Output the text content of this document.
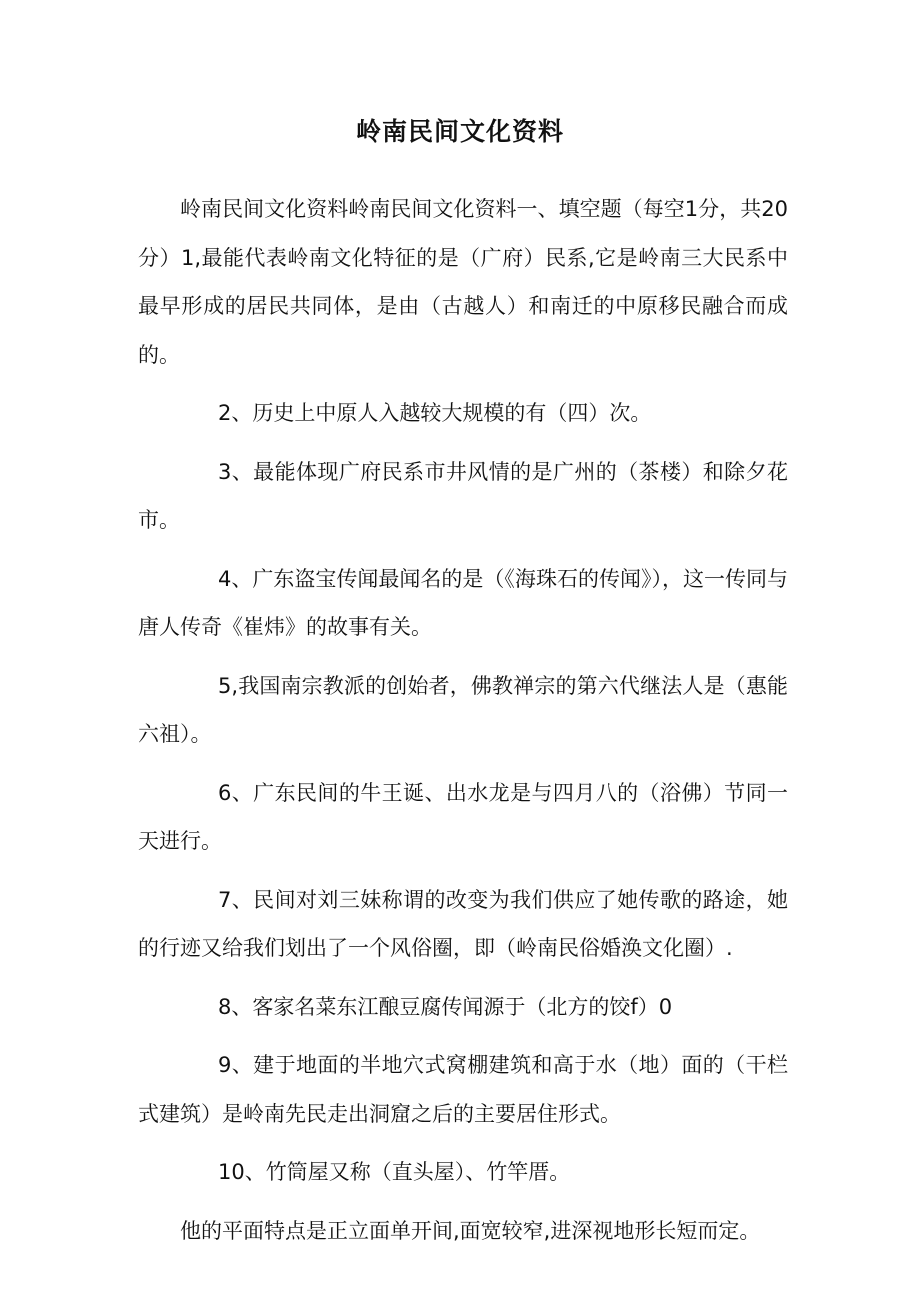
岭南民间文化资料

岭南民间文化资料岭南民间文化资料一、填空题（每空1分，共20分）1,最能代表岭南文化特征的是（广府）民系,它是岭南三大民系中最早形成的居民共同体，是由（古越人）和南迁的中原移民融合而成的。

2、历史上中原人入越较大规模的有（四）次。

3、最能体现广府民系市井风情的是广州的（茶楼）和除夕花市。

4、广东盗宝传闻最闻名的是（《海珠石的传闻》），这一传同与唐人传奇《崔炜》的故事有关。

5,我国南宗教派的创始者，佛教禅宗的第六代继法人是（惠能六祖）。

6、广东民间的牛王诞、出水龙是与四月八的（浴佛）节同一天进行。

7、民间对刘三妹称谓的改变为我们供应了她传歌的路途，她的行迹又给我们划出了一个风俗圈，即（岭南民俗婚涣文化圈）.

8、客家名菜东江酿豆腐传闻源于（北方的饺f）0

9、建于地面的半地穴式窝棚建筑和高于水（地）面的（干栏式建筑）是岭南先民走出洞窟之后的主要居住形式。

10、竹筒屋又称（直头屋）、竹竿厝。

他的平面特点是正立面单开间,面宽较窄,进深视地形长短而定。
